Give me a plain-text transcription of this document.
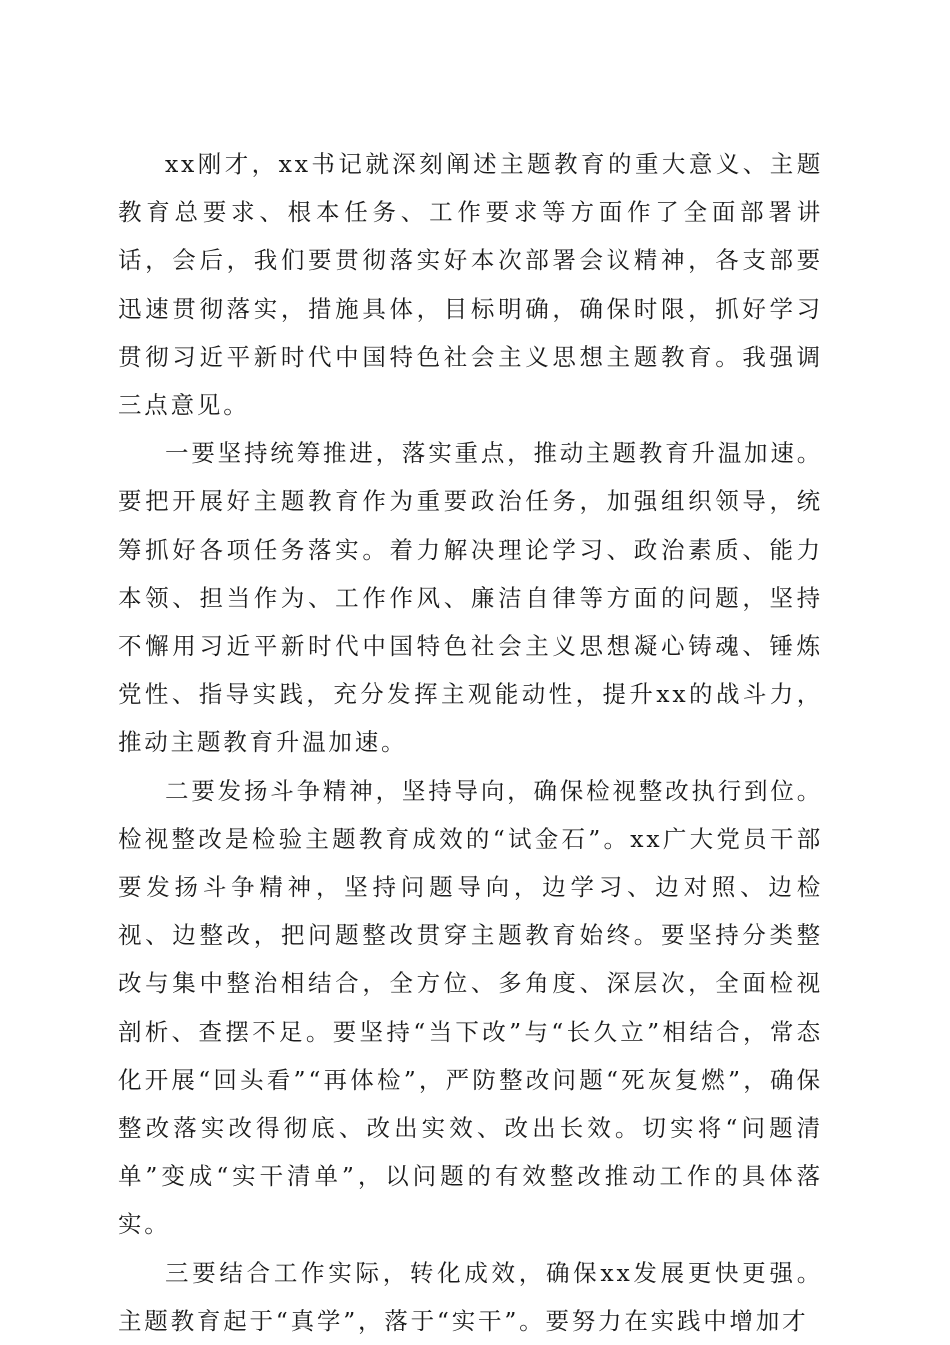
xx刚才，xx书记就深刻阐述主题教育的重大意义、主题教育总要求、根本任务、工作要求等方面作了全面部署讲话，会后，我们要贯彻落实好本次部署会议精神，各支部要迅速贯彻落实，措施具体，目标明确，确保时限，抓好学习贯彻习近平新时代中国特色社会主义思想主题教育。我强调三点意见。

一要坚持统筹推进，落实重点，推动主题教育升温加速。要把开展好主题教育作为重要政治任务，加强组织领导，统筹抓好各项任务落实。着力解决理论学习、政治素质、能力本领、担当作为、工作作风、廉洁自律等方面的问题，坚持不懈用习近平新时代中国特色社会主义思想凝心铸魂、锤炼党性、指导实践，充分发挥主观能动性，提升xx的战斗力，推动主题教育升温加速。

二要发扬斗争精神，坚持导向，确保检视整改执行到位。检视整改是检验主题教育成效的“试金石”。xx广大党员干部要发扬斗争精神，坚持问题导向，边学习、边对照、边检视、边整改，把问题整改贯穿主题教育始终。要坚持分类整改与集中整治相结合，全方位、多角度、深层次，全面检视剖析、查摆不足。要坚持“当下改”与“长久立”相结合，常态化开展“回头看”“再体检”，严防整改问题“死灰复燃”，确保整改落实改得彻底、改出实效、改出长效。切实将“问题清单”变成“实干清单”，以问题的有效整改推动工作的具体落实。

三要结合工作实际，转化成效，确保xx发展更快更强。主题教育起于“真学”，落于“实干”。要努力在实践中增加才
